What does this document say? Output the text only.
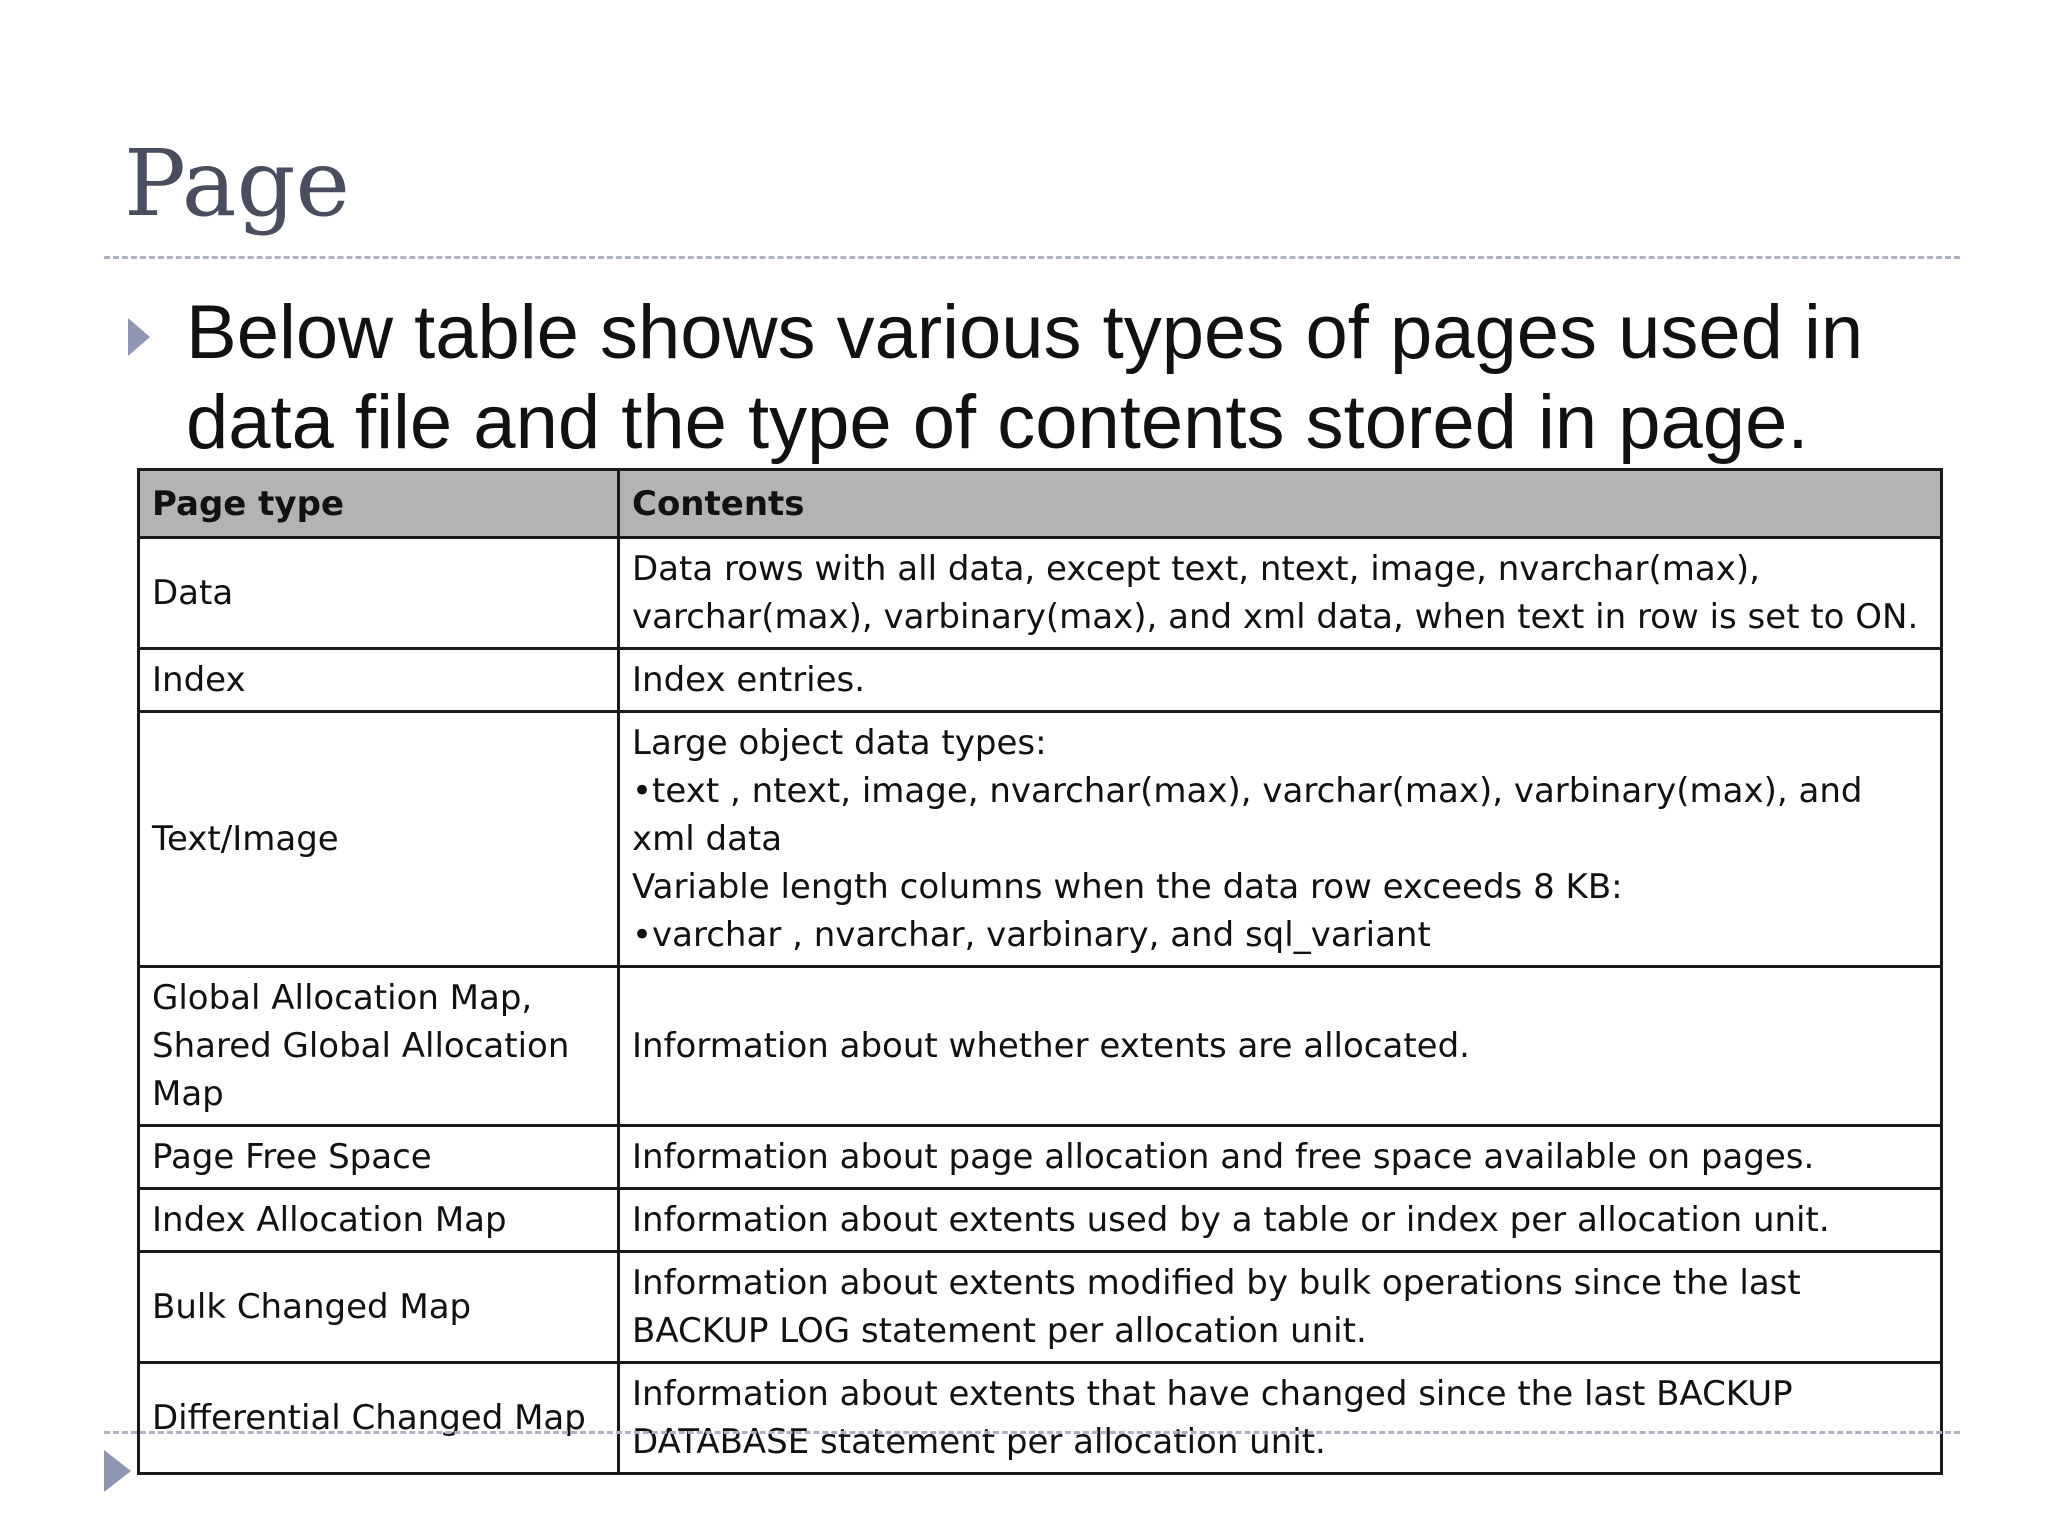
Page

Below table shows various types of pages used in data file and the type of contents stored in page.

Page type	Contents
Data	Data rows with all data, except text, ntext, image, nvarchar(max), varchar(max), varbinary(max), and xml data, when text in row is set to ON.

Index	Index entries.

Text/Image	Large object data types:
•text , ntext, image, nvarchar(max), varchar(max), varbinary(max), and xml data
Variable length columns when the data row exceeds 8 KB:
•varchar , nvarchar, varbinary, and sql_variant

Global Allocation Map, Shared Global Allocation Map	Information about whether extents are allocated.

Page Free Space	Information about page allocation and free space available on pages.

Index Allocation Map	Information about extents used by a table or index per allocation unit.

Bulk Changed Map	Information about extents modified by bulk operations since the last BACKUP LOG statement per allocation unit.

Differential Changed Map	Information about extents that have changed since the last BACKUP DATABASE statement per allocation unit.
